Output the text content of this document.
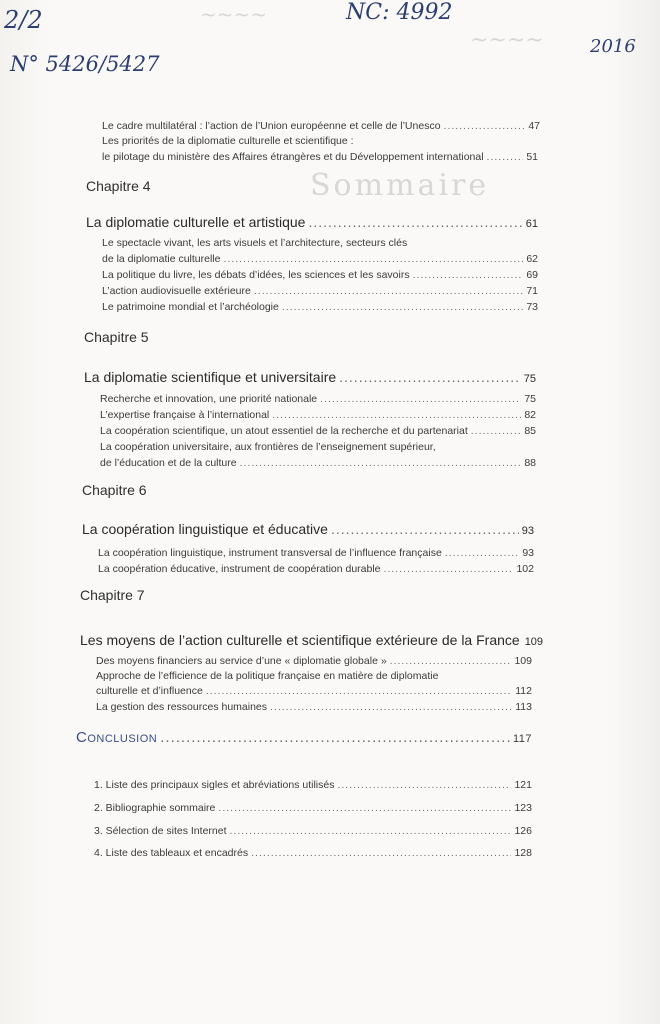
Sommaire
~~~~
~~~~
2/2
N° 5426/5427
NC: 4992
2016
Le cadre multilatéral : l’action de l’Union européenne et celle de l’Unesco .....	47
Les priorités de la diplomatie culturelle et scientifique :
le pilotage du ministère des Affaires étrangères et du Développement international .....	51
Chapitre 4
La diplomatie culturelle et artistique .....	61
Le spectacle vivant, les arts visuels et l’architecture, secteurs clés
de la diplomatie culturelle .....	62
La politique du livre, les débats d’idées, les sciences et les savoirs .....	69
L’action audiovisuelle extérieure .....	71
Le patrimoine mondial et l’archéologie .....	73
Chapitre 5
La diplomatie scientifique et universitaire .....	75
Recherche et innovation, une priorité nationale .....	75
L’expertise française à l’international .....	82
La coopération scientifique, un atout essentiel de la recherche et du partenariat .....	85
La coopération universitaire, aux frontières de l’enseignement supérieur,
de l’éducation et de la culture .....	88
Chapitre 6
La coopération linguistique et éducative .....	93
La coopération linguistique, instrument transversal de l’influence française .....	93
La coopération éducative, instrument de coopération durable .....	102
Chapitre 7
Les moyens de l’action culturelle et scientifique extérieure de la France 109
Des moyens financiers au service d’une « diplomatie globale » .....	109
Approche de l’efficience de la politique française en matière de diplomatie
culturelle et d’influence .....	112
La gestion des ressources humaines .....	113
Conclusion .....	117
1. Liste des principaux sigles et abréviations utilisés .....	121
2. Bibliographie sommaire .....	123
3. Sélection de sites Internet .....	126
4. Liste des tableaux et encadrés .....	128
